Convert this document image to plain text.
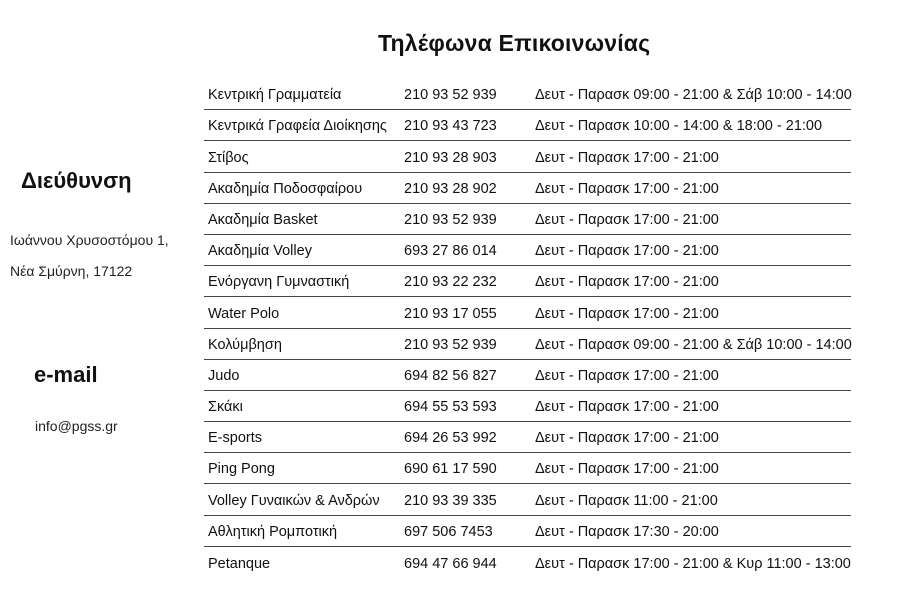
Τηλέφωνα Επικοινωνίας
Διεύθυνση
Ιωάννου Χρυσοστόμου 1,
Νέα Σμύρνη, 17122
e-mail
info@pgss.gr
Κεντρική Γραμματεία	210 93 52 939	Δευτ - Παρασκ 09:00 - 21:00 & Σάβ 10:00 - 14:00
Κεντρικά Γραφεία Διοίκησης 210 93 43 723	Δευτ - Παρασκ 10:00 - 14:00 & 18:00 - 21:00
Στίβος	210 93 28 903	Δευτ - Παρασκ 17:00 - 21:00
Ακαδημία Ποδοσφαίρου	210 93 28 902	Δευτ - Παρασκ 17:00 - 21:00
Ακαδημία Basket	210 93 52 939	Δευτ - Παρασκ 17:00 - 21:00
Ακαδημία Volley	693 27 86 014	Δευτ - Παρασκ 17:00 - 21:00
Ενόργανη Γυμναστική	210 93 22 232	Δευτ - Παρασκ 17:00 - 21:00
Water Polo	210 93 17 055	Δευτ - Παρασκ 17:00 - 21:00
Κολύμβηση	210 93 52 939	Δευτ - Παρασκ 09:00 - 21:00 & Σάβ 10:00 - 14:00
Judo	694 82 56 827	Δευτ - Παρασκ 17:00 - 21:00
Σκάκι	694 55 53 593	Δευτ - Παρασκ 17:00 - 21:00
E-sports	694 26 53 992	Δευτ - Παρασκ 17:00 - 21:00
Ping Pong	690 61 17 590	Δευτ - Παρασκ 17:00 - 21:00
Volley Γυναικών & Ανδρών 210 93 39 335	Δευτ - Παρασκ 11:00 - 21:00
Αθλητική Ρομποτική	697 506 7453	Δευτ - Παρασκ 17:30 - 20:00
Petanque	694 47 66 944	Δευτ - Παρασκ 17:00 - 21:00 & Κυρ 11:00 - 13:00
